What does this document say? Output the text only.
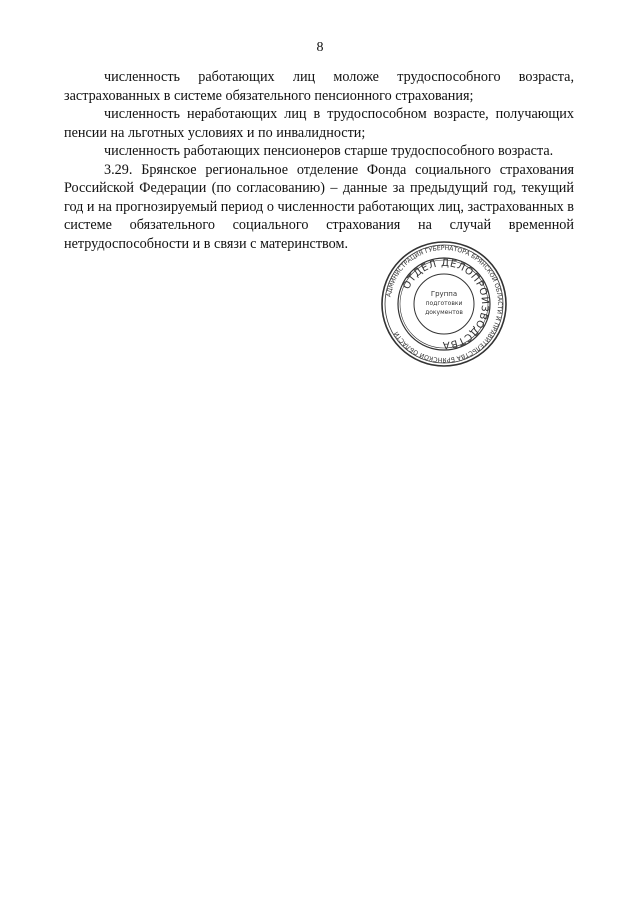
8

численность работающих лиц моложе трудоспособного возраста, застрахованных в системе обязательного пенсионного страхования;

численность неработающих лиц в трудоспособном возрасте, получающих пенсии на льготных условиях и по инвалидности;

численность работающих пенсионеров старше трудоспособного возраста.

3.29. Брянское региональное отделение Фонда социального страхования Российской Федерации (по согласованию) – данные за предыдущий год, текущий год и на прогнозируемый период о численности работающих лиц, застрахованных в системе обязательного социального страхования на случай временной нетрудоспособности и в связи с материнством.

АДМИНИСТРАЦИЯ ГУБЕРНАТОРА БРЯНСКОЙ ОБЛАСТИ И ПРАВИТЕЛЬСТВА БРЯНСКОЙ ОБЛАСТИ
ОТДЕЛ ДЕЛОПРОИЗВОДСТВА
Группа
подготовки
документов
